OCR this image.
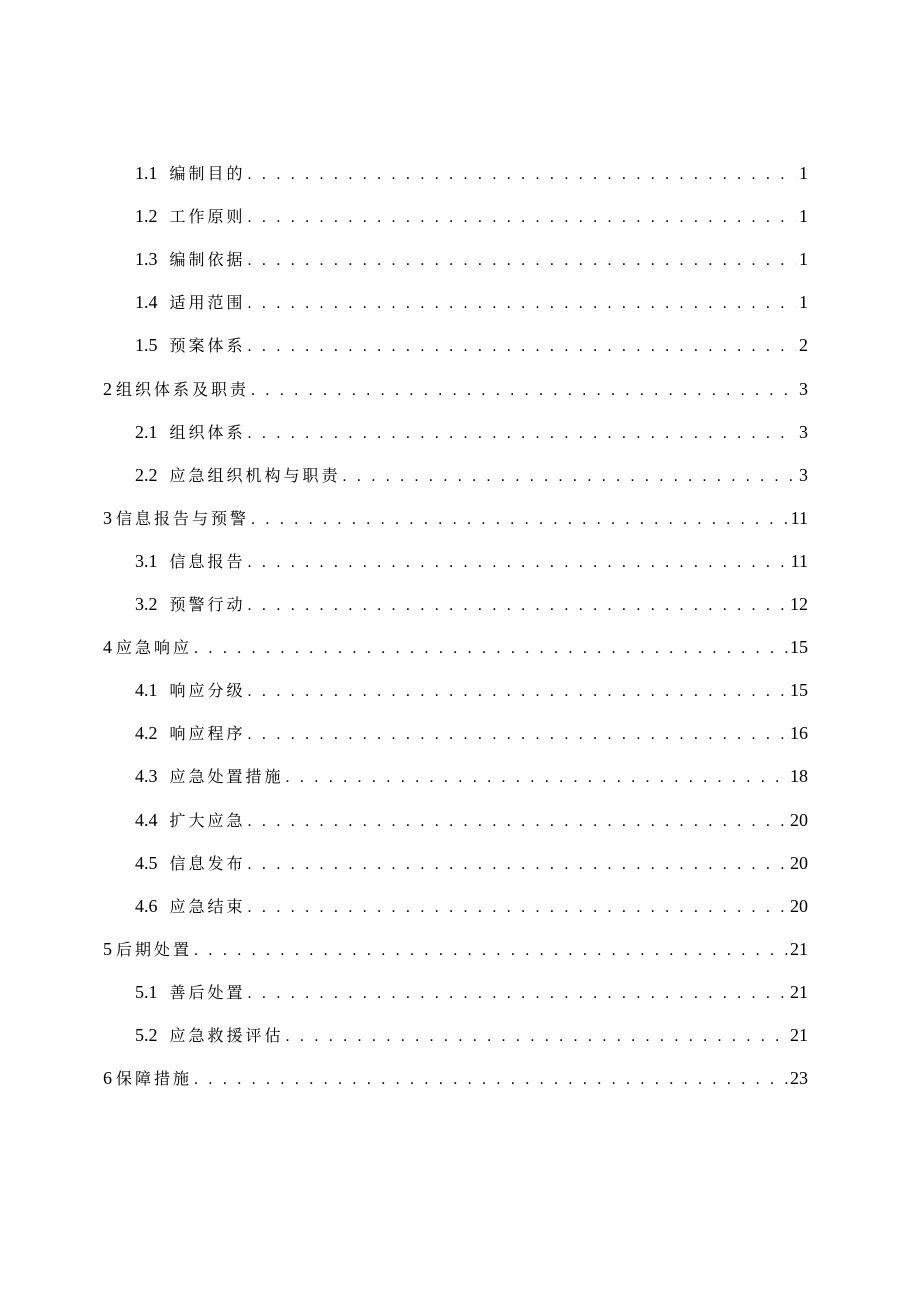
1.1 编制目的 . . .	1
1.2 工作原则 . . .	1
1.3 编制依据 . . .	1
1.4 适用范围 . . .	1
1.5 预案体系 . . .	2
2 组织体系及职责 . . .	3
2.1 组织体系 . . .	3
2.2 应急组织机构与职责 . . .	3
3 信息报告与预警 . . .	11
3.1 信息报告 . . .	11
3.2 预警行动 . . .	12
4 应急响应 . . .	15
4.1 响应分级 . . .	15
4.2 响应程序 . . .	16
4.3 应急处置措施 . . .	18
4.4 扩大应急 . . .	20
4.5 信息发布 . . .	20
4.6 应急结束 . . .	20
5 后期处置 . . .	21
5.1 善后处置 . . .	21
5.2 应急救援评估 . . .	21
6 保障措施 . . .	23
